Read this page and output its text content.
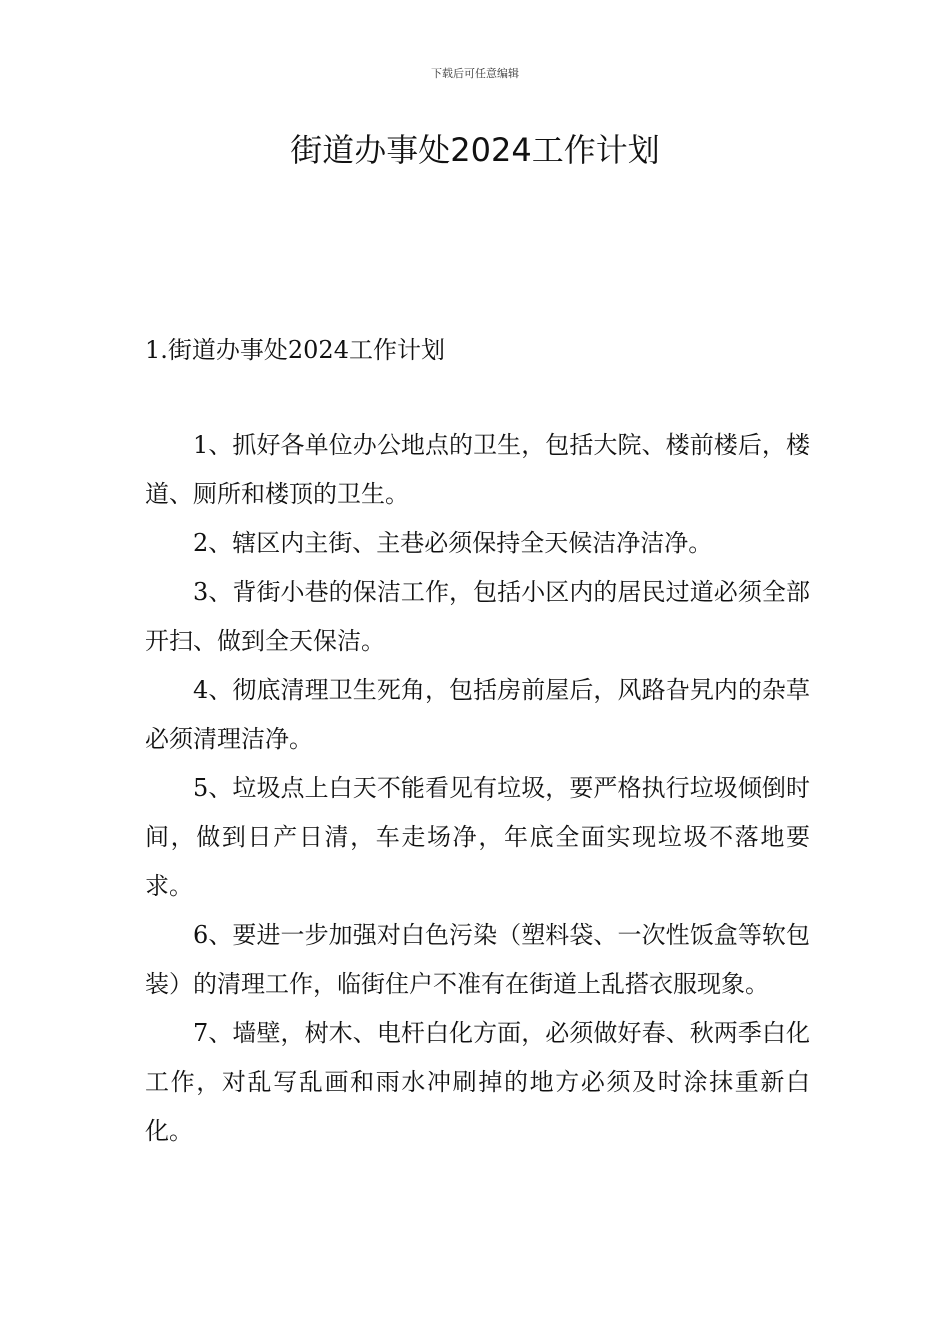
下载后可任意编辑
街道办事处2024工作计划
1.街道办事处2024工作计划

1、抓好各单位办公地点的卫生，包括大院、楼前楼后，楼道、厕所和楼顶的卫生。

2、辖区内主街、主巷必须保持全天候洁净洁净。

3、背街小巷的保洁工作，包括小区内的居民过道必须全部开扫、做到全天保洁。

4、彻底清理卫生死角，包括房前屋后，风路旮旯内的杂草必须清理洁净。

5、垃圾点上白天不能看见有垃圾，要严格执行垃圾倾倒时间，做到日产日清，车走场净，年底全面实现垃圾不落地要求。

6、要进一步加强对白色污染（塑料袋、一次性饭盒等软包装）的清理工作，临街住户不准有在街道上乱搭衣服现象。

7、墙壁，树木、电杆白化方面，必须做好春、秋两季白化工作，对乱写乱画和雨水冲刷掉的地方必须及时涂抹重新白化。
